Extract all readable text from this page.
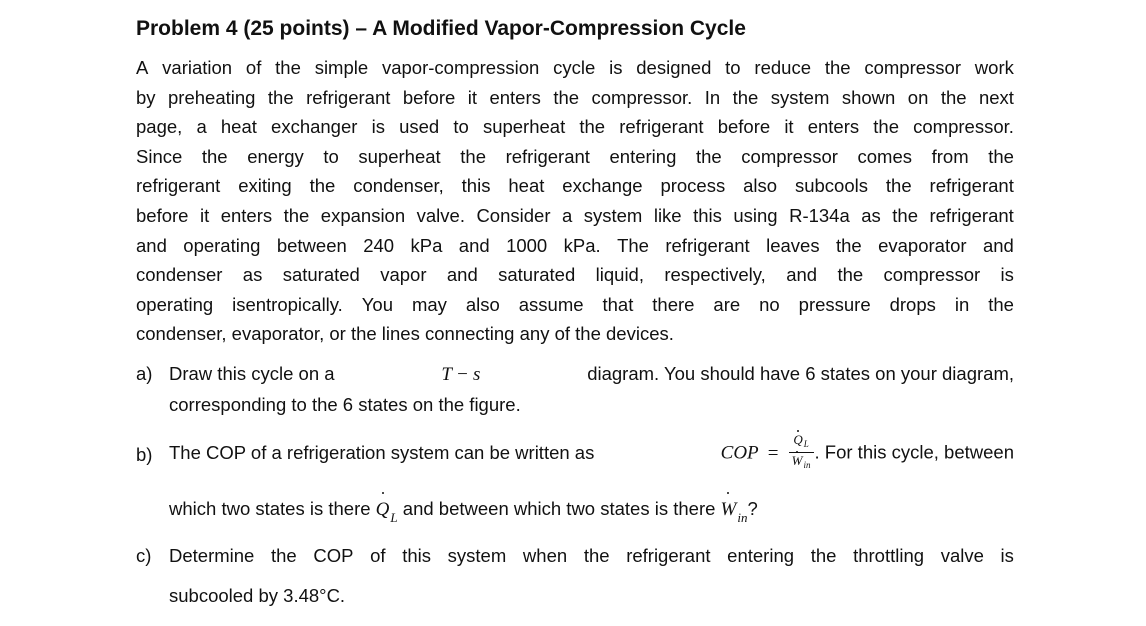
Problem 4 (25 points) – A Modified Vapor-Compression Cycle
A variation of the simple vapor-compression cycle is designed to reduce the compressor work
by preheating the refrigerant before it enters the compressor. In the system shown on the next
page, a heat exchanger is used to superheat the refrigerant before it enters the compressor.
Since the energy to superheat the refrigerant entering the compressor comes from the
refrigerant exiting the condenser, this heat exchange process also subcools the refrigerant
before it enters the expansion valve. Consider a system like this using R-134a as the refrigerant
and operating between 240 kPa and 1000 kPa. The refrigerant leaves the evaporator and
condenser as saturated vapor and saturated liquid, respectively, and the compressor is
operating isentropically. You may also assume that there are no pressure drops in the
condenser, evaporator, or the lines connecting any of the devices.
a) Draw this cycle on a	T − s	diagram. You should have 6 states on your diagram,
corresponding to the 6 states on the figure.
b) The COP of a refrigeration system can be written as	COP = $\frac{Q_L}{W_{in}}$ . For this cycle, between
which two states is there $Q_L$ and between which two states is there $W_{in}$?
c) Determine the COP of this system when the refrigerant entering the throttling valve is
subcooled by 3.48°C.
